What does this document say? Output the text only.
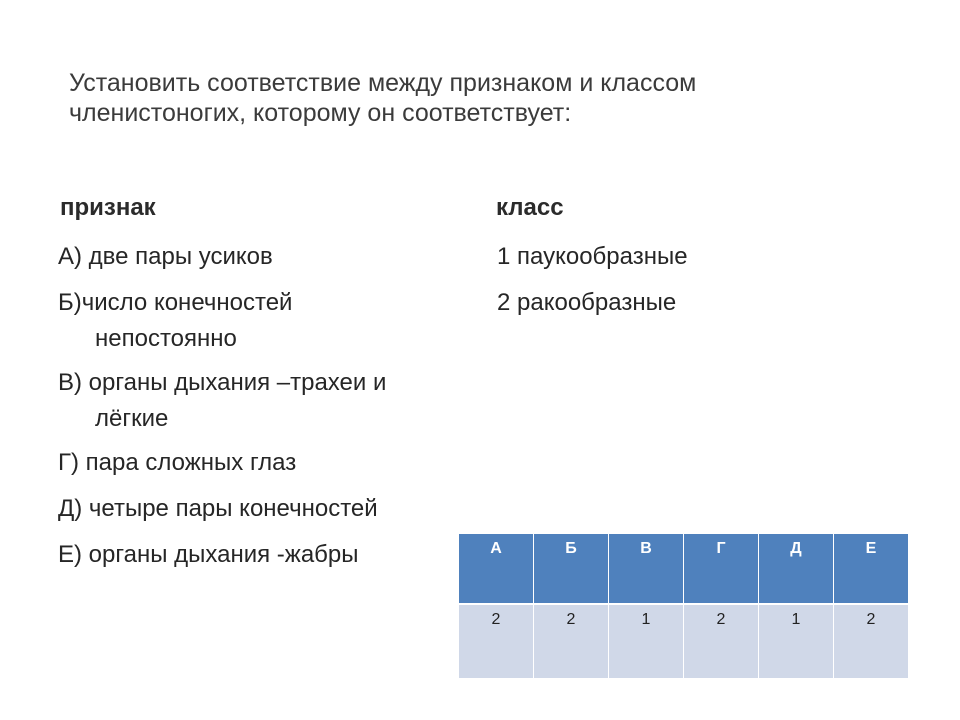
Установить соответствие между признаком и классом
членистоногих, которому он соответствует:
признак	класс
А) две пары усиков
Б)число конечностей
непостоянно
В) органы дыхания –трахеи и
лёгкие
Г) пара сложных глаз
Д) четыре пары конечностей
Е) органы дыхания -жабры
1 паукообразные
2 ракообразные
А	Б	В	Г	Д	Е
2	2	1	2	1	2
